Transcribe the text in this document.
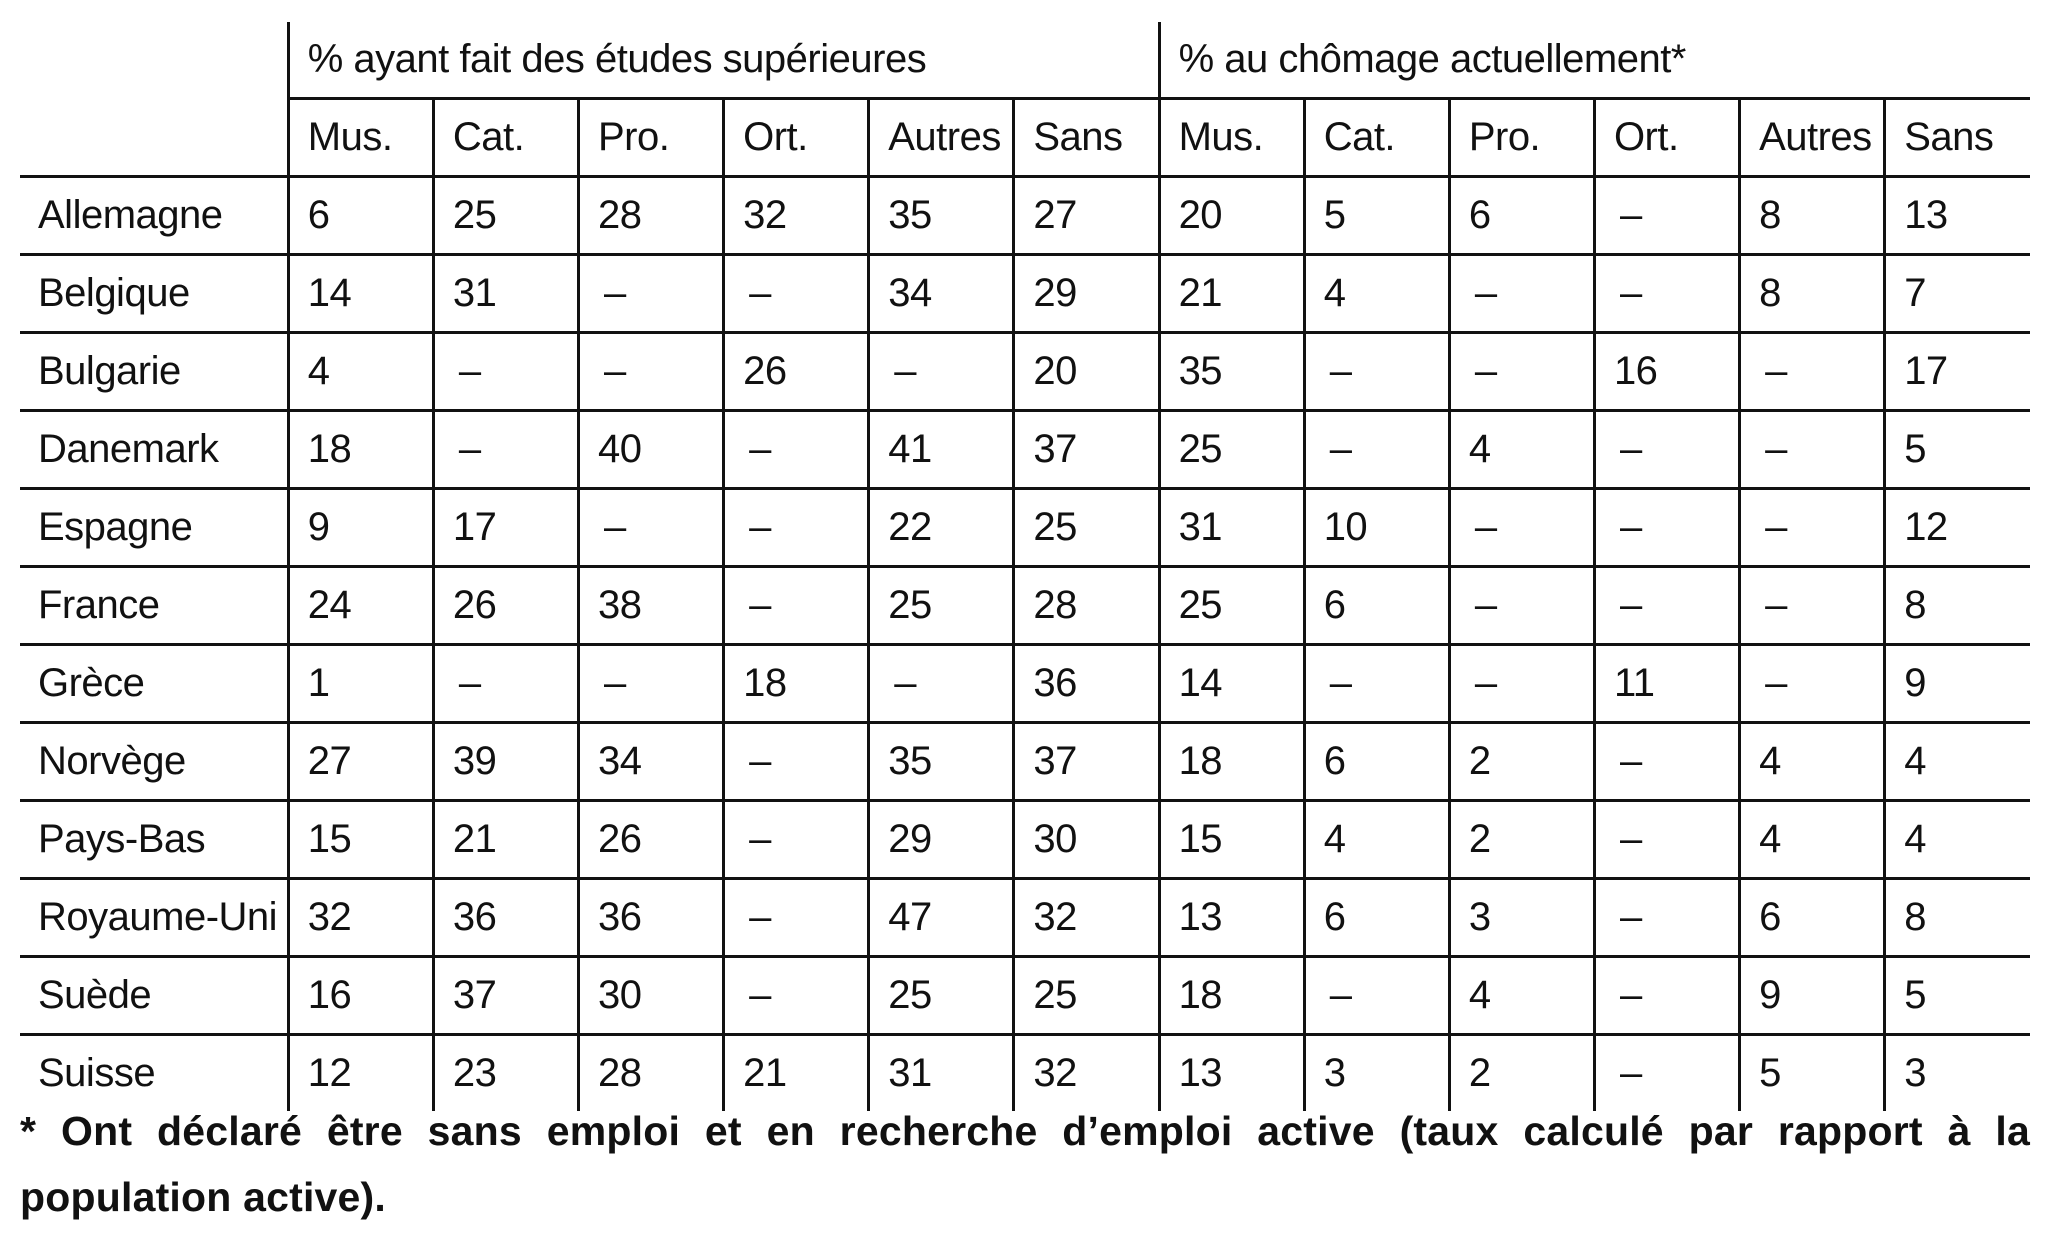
	% ayant fait des études supérieures						% au chômage actuellement*					
	Mus.	Cat.	Pro.	Ort.	Autres	Sans	Mus.	Cat.	Pro.	Ort.	Autres	Sans
Allemagne	6	25	28	32	35	27	20	5	6	–	8	13
Belgique	14	31	–	–	34	29	21	4	–	–	8	7
Bulgarie	4	–	–	26	–	20	35	–	–	16	–	17
Danemark	18	–	40	–	41	37	25	–	4	–	–	5
Espagne	9	17	–	–	22	25	31	10	–	–	–	12
France	24	26	38	–	25	28	25	6	–	–	–	8
Grèce	1	–	–	18	–	36	14	–	–	11	–	9
Norvège	27	39	34	–	35	37	18	6	2	–	4	4
Pays-Bas	15	21	26	–	29	30	15	4	2	–	4	4
Royaume-Uni	32	36	36	–	47	32	13	6	3	–	6	8
Suède	16	37	30	–	25	25	18	–	4	–	9	5
Suisse	12	23	28	21	31	32	13	3	2	–	5	3
* Ont déclaré être sans emploi et en recherche d’emploi active (taux calculé par rapport à la population active).
